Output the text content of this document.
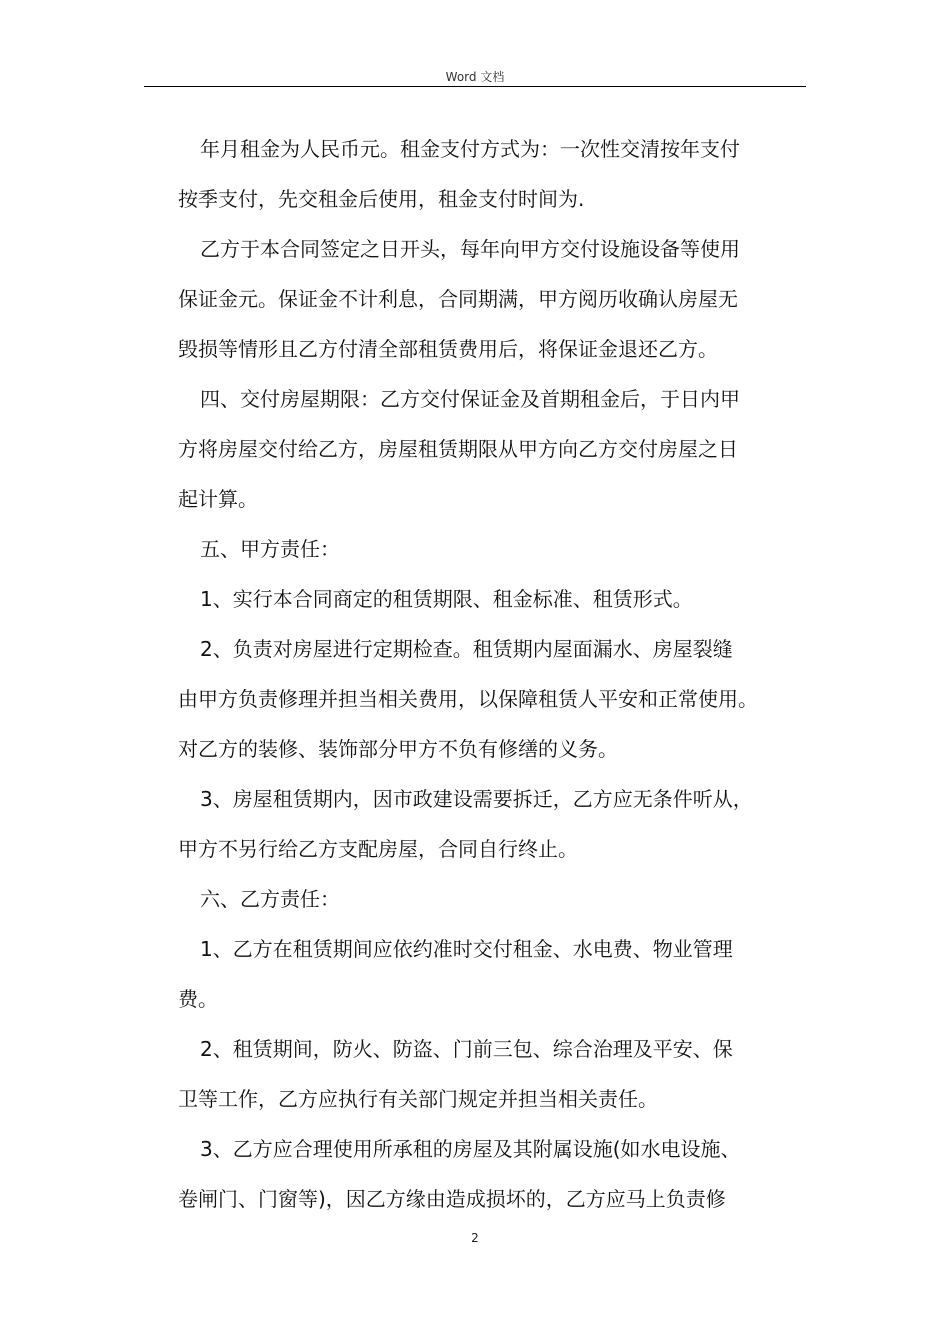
Word 文档
年月租金为人民币元。租金支付方式为：一次性交清按年支付
按季支付，先交租金后使用，租金支付时间为.
乙方于本合同签定之日开头，每年向甲方交付设施设备等使用
保证金元。保证金不计利息，合同期满，甲方阅历收确认房屋无
毁损等情形且乙方付清全部租赁费用后，将保证金退还乙方。
四、交付房屋期限：乙方交付保证金及首期租金后，于日内甲
方将房屋交付给乙方，房屋租赁期限从甲方向乙方交付房屋之日
起计算。
五、甲方责任：
1、实行本合同商定的租赁期限、租金标准、租赁形式。
2、负责对房屋进行定期检查。租赁期内屋面漏水、房屋裂缝
由甲方负责修理并担当相关费用，以保障租赁人平安和正常使用。
对乙方的装修、装饰部分甲方不负有修缮的义务。
3、房屋租赁期内，因市政建设需要拆迁，乙方应无条件听从，
甲方不另行给乙方支配房屋，合同自行终止。
六、乙方责任：
1、乙方在租赁期间应依约准时交付租金、水电费、物业管理
费。
2、租赁期间，防火、防盗、门前三包、综合治理及平安、保
卫等工作，乙方应执行有关部门规定并担当相关责任。
3、乙方应合理使用所承租的房屋及其附属设施(如水电设施、
卷闸门、门窗等)，因乙方缘由造成损坏的，乙方应马上负责修
2
